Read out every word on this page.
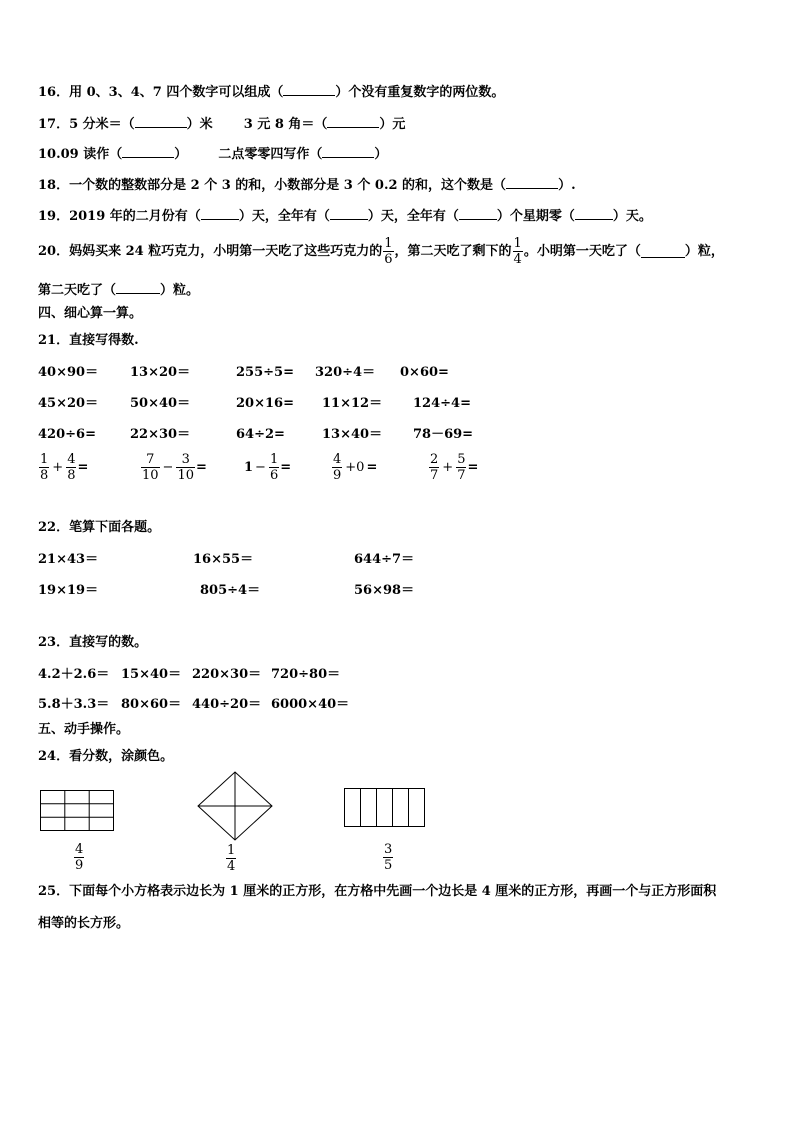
16．用 0、3、4、7 四个数字可以组成（	）个没有重复数字的两位数。
17．5 分米＝（	）米 3 元 8 角＝（	）元
10.09 读作（	） 二点零零四写作（	）
18．一个数的整数部分是 2 个 3 的和，小数部分是 3 个 0.2 的和，这个数是（	）.
19．2019 年的二月份有（	）天，全年有（	）天，全年有（	）个星期零（	）天。
20．妈妈买来 24 粒巧克力，小明第一天吃了这些巧克力的 $\frac{1}{6}$ ，第二天吃了剩下的 $\frac{1}{4}$ 。小明第一天吃了（	）粒，
第二天吃了（	）粒。
四、细心算一算。
21．直接写得数.
40×90＝ 13×20＝	255÷5= 320÷4＝ 0×60=
45×20＝ 50×40＝	20×16= 11×12＝ 124÷4=
420÷6=	22×30＝	64÷2=	13×40＝ 78－69=
$\frac{1}{8} + \frac{4}{8}$ =	$\frac{7}{10} - \frac{3}{10}$ =	$1 - \frac{1}{6}$ =	$\frac{4}{9} +0$ =	$\frac{2}{7} + \frac{5}{7}$ =
22．笔算下面各题。
21×43＝	16×55＝	644÷7＝
19×19＝	805÷4＝	56×98＝
23．直接写的数。
4.2＋2.6＝ 15×40＝ 220×30＝ 720÷80＝
5.8＋3.3＝ 80×60＝ 440÷20＝ 6000×40＝
五、动手操作。
24．看分数，涂颜色。
$\frac{4}{9}$	$\frac{1}{4}$	$\frac{3}{5}$
25．下面每个小方格表示边长为 1 厘米的正方形，在方格中先画一个边长是 4 厘米的正方形，再画一个与正方形面积
相等的长方形。
